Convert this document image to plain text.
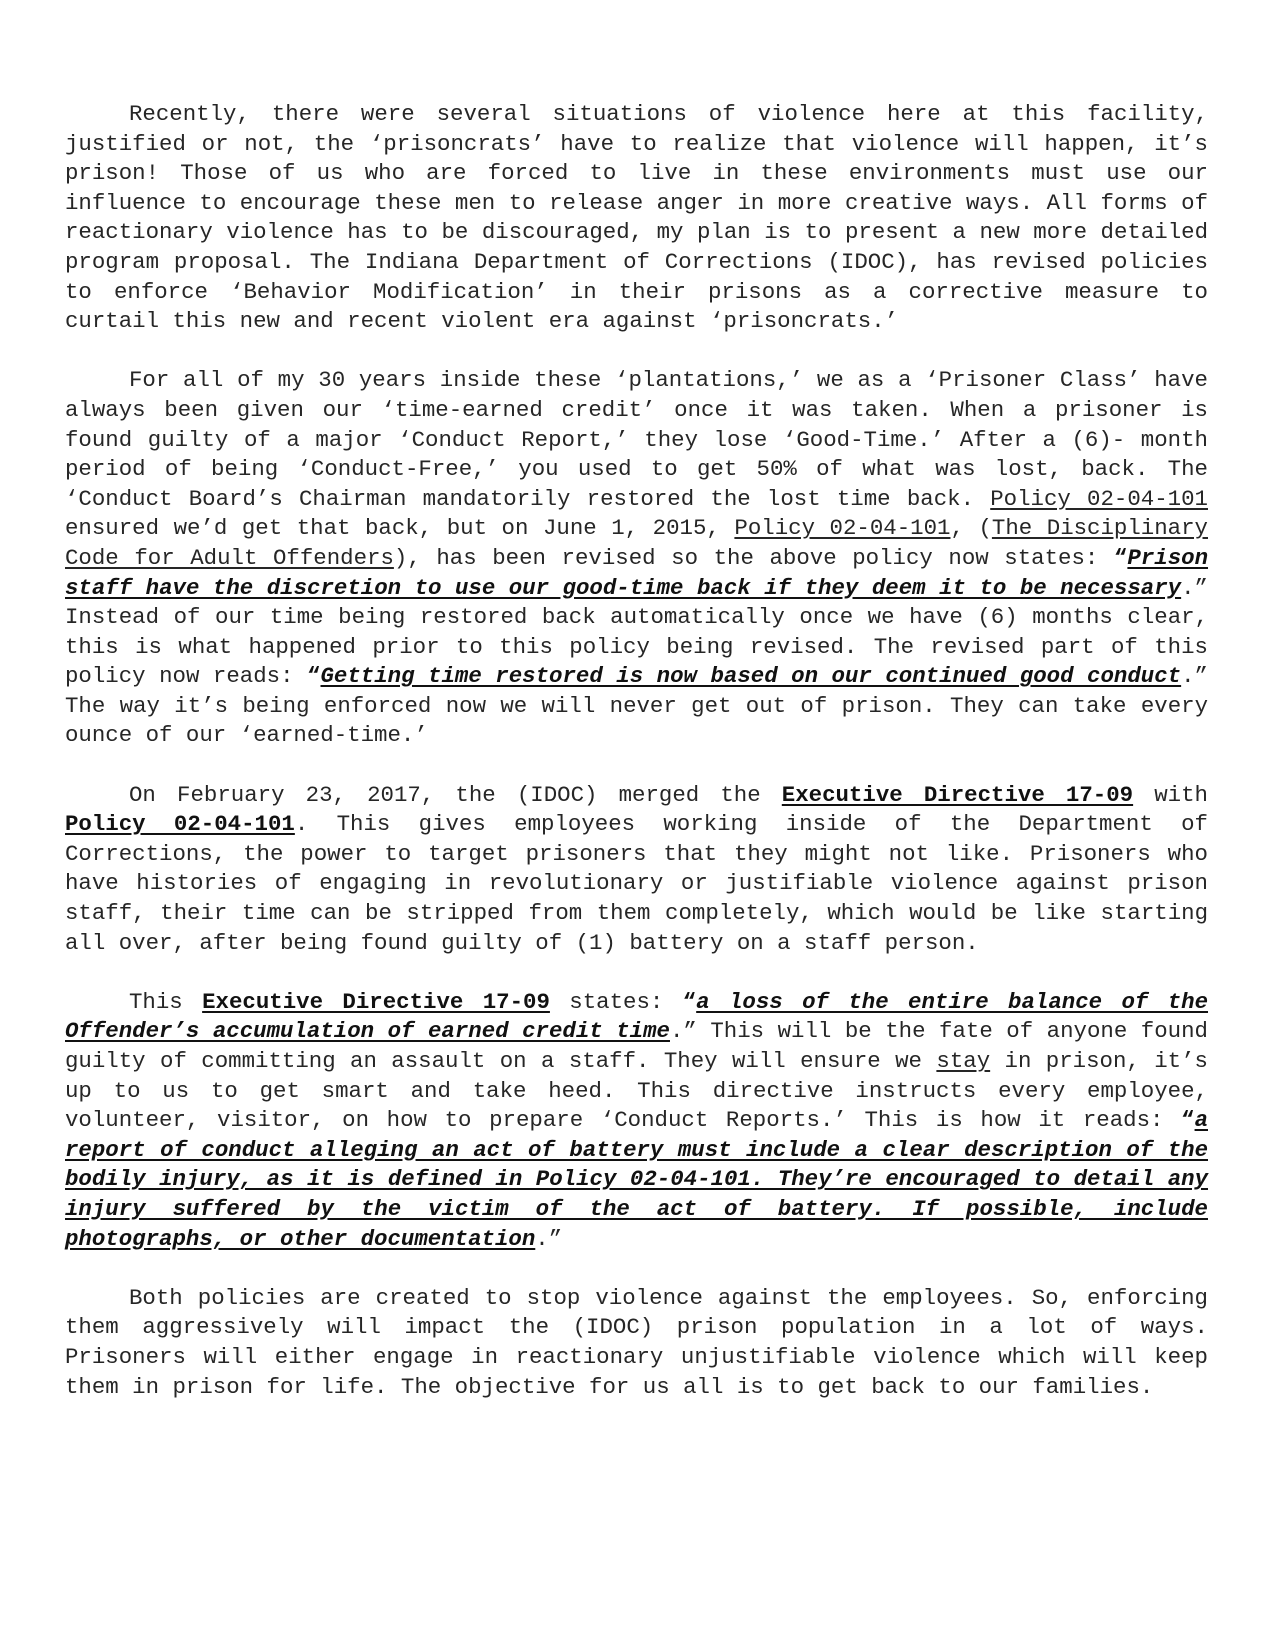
Recently, there were several situations of violence here at this facility, justified or not, the ‘prisoncrats’ have to realize that violence will happen, it’s prison! Those of us who are forced to live in these environments must use our influence to encourage these men to release anger in more creative ways. All forms of reactionary violence has to be discouraged, my plan is to present a new more detailed program proposal. The Indiana Department of Corrections (IDOC), has revised policies to enforce ‘Behavior Modification’ in their prisons as a corrective measure to curtail this new and recent violent era against ‘prisoncrats.’

For all of my 30 years inside these ‘plantations,’ we as a ‘Prisoner Class’ have always been given our ‘time-earned credit’ once it was taken. When a prisoner is found guilty of a major ‘Conduct Report,’ they lose ‘Good-Time.’ After a (6)- month period of being ‘Conduct-Free,’ you used to get 50% of what was lost, back. The ‘Conduct Board’s Chairman mandatorily restored the lost time back. Policy 02-04-101 ensured we’d get that back, but on June 1, 2015, Policy 02-04-101, (The Disciplinary Code for Adult Offenders), has been revised so the above policy now states: “Prison staff have the discretion to use our good-time back if they deem it to be necessary.” Instead of our time being restored back automatically once we have (6) months clear, this is what happened prior to this policy being revised. The revised part of this policy now reads: “Getting time restored is now based on our continued good conduct.” The way it’s being enforced now we will never get out of prison. They can take every ounce of our ‘earned-time.’

On February 23, 2017, the (IDOC) merged the Executive Directive 17-09 with Policy 02-04-101. This gives employees working inside of the Department of Corrections, the power to target prisoners that they might not like. Prisoners who have histories of engaging in revolutionary or justifiable violence against prison staff, their time can be stripped from them completely, which would be like starting all over, after being found guilty of (1) battery on a staff person.

This Executive Directive 17-09 states: “a loss of the entire balance of the Offender’s accumulation of earned credit time.” This will be the fate of anyone found guilty of committing an assault on a staff. They will ensure we stay in prison, it’s up to us to get smart and take heed. This directive instructs every employee, volunteer, visitor, on how to prepare ‘Conduct Reports.’ This is how it reads: “a report of conduct alleging an act of battery must include a clear description of the bodily injury, as it is defined in Policy 02-04-101. They’re encouraged to detail any injury suffered by the victim of the act of battery. If possible, include photographs, or other documentation.”

Both policies are created to stop violence against the employees. So, enforcing them aggressively will impact the (IDOC) prison population in a lot of ways. Prisoners will either engage in reactionary unjustifiable violence which will keep them in prison for life. The objective for us all is to get back to our families.
